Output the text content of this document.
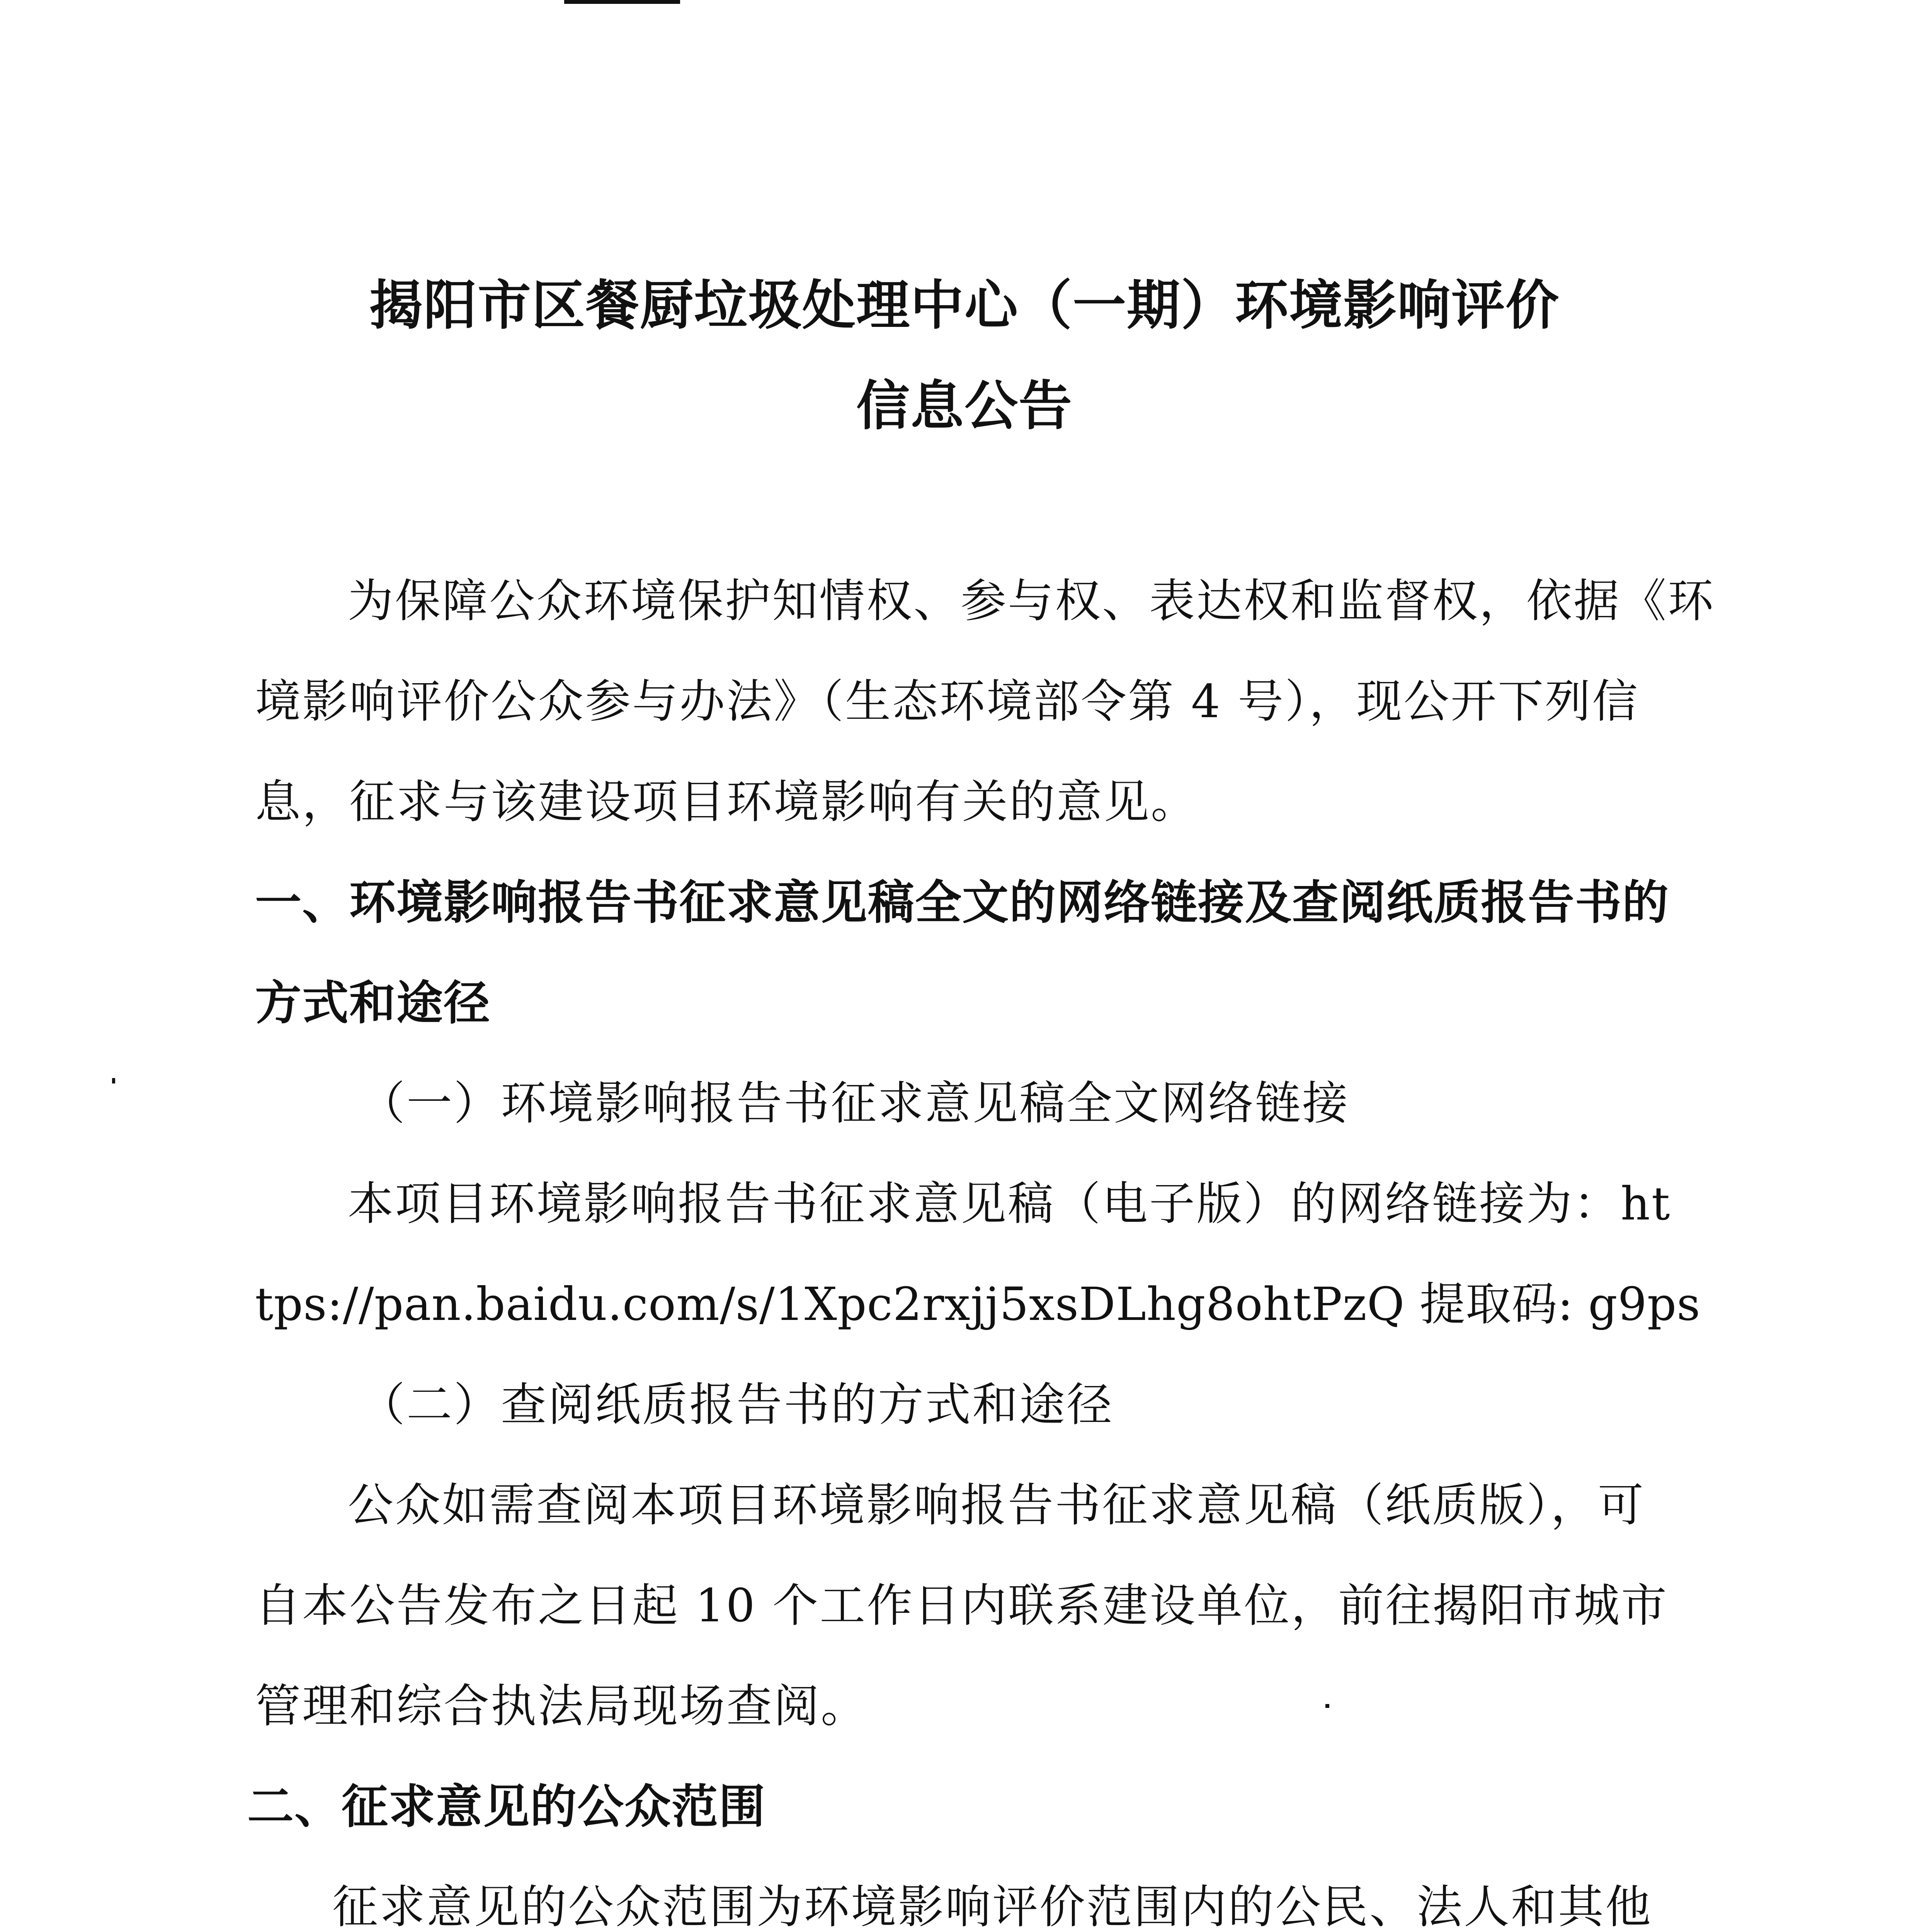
揭阳市区餐厨垃圾处理中心（一期）环境影响评价
信息公告
为保障公众环境保护知情权、参与权、表达权和监督权，依据《环
境影响评价公众参与办法》（生态环境部令第 4 号），现公开下列信
息，征求与该建设项目环境影响有关的意见。
一、环境影响报告书征求意见稿全文的网络链接及查阅纸质报告书的
方式和途径
（一）环境影响报告书征求意见稿全文网络链接
本项目环境影响报告书征求意见稿（电子版）的网络链接为：ht
tps://pan.baidu.com/s/1Xpc2rxjj5xsDLhg8ohtPzQ 提取码: g9ps
（二）查阅纸质报告书的方式和途径
公众如需查阅本项目环境影响报告书征求意见稿（纸质版），可
自本公告发布之日起 10 个工作日内联系建设单位，前往揭阳市城市
管理和综合执法局现场查阅。
二、征求意见的公众范围
征求意见的公众范围为环境影响评价范围内的公民、法人和其他
